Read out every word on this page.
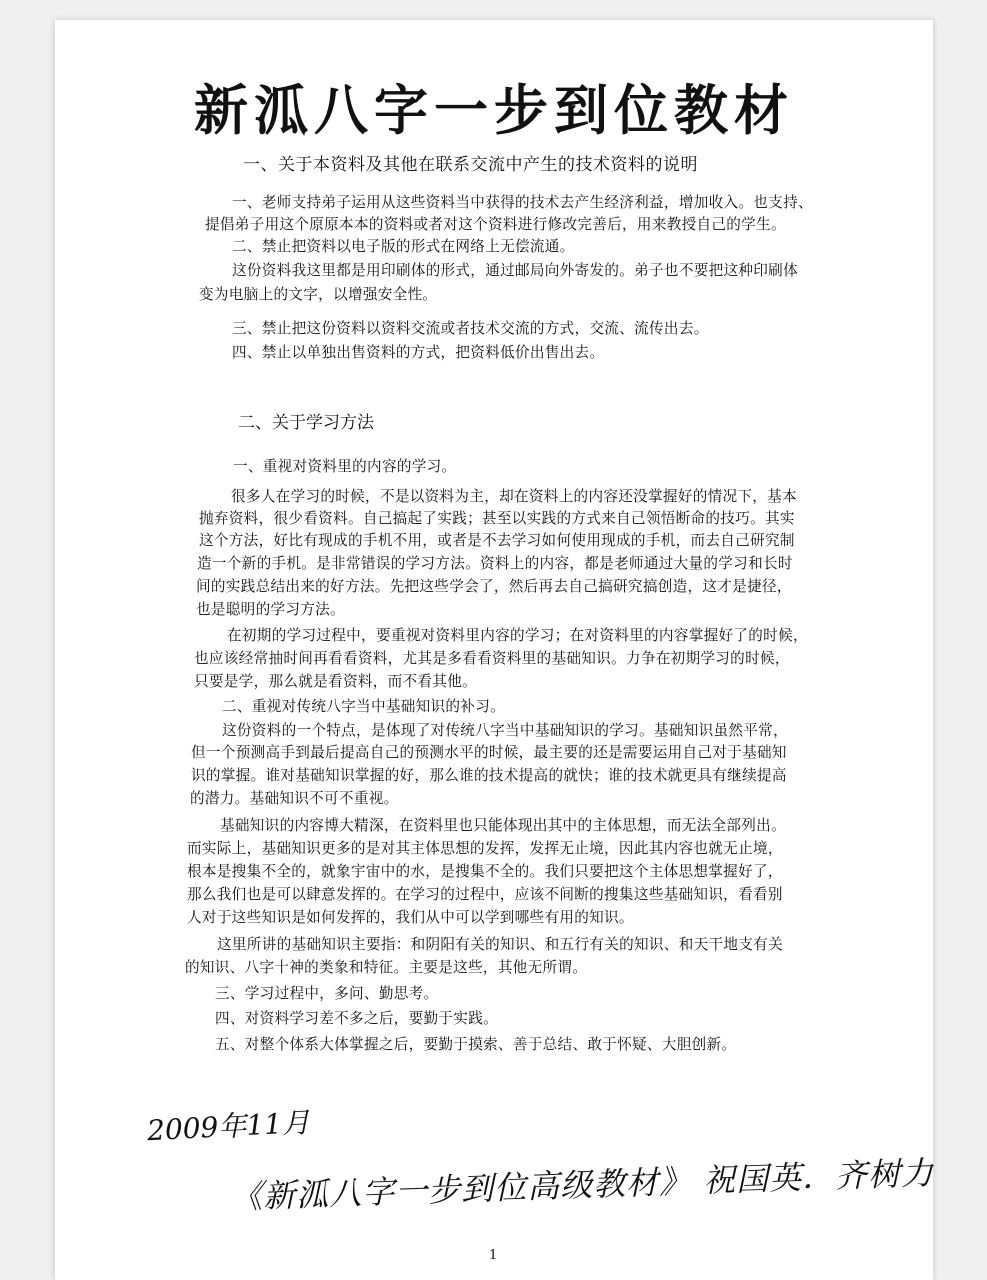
新泒八字一步到位教材
一、关于本资料及其他在联系交流中产生的技术资料的说明
一、老师支持弟子运用从这些资料当中获得的技术去产生经济利益，增加收入。也支持、
提倡弟子用这个原原本本的资料或者对这个资料进行修改完善后，用来教授自己的学生。
二、禁止把资料以电子版的形式在网络上无偿流通。
这份资料我这里都是用印刷体的形式，通过邮局向外寄发的。弟子也不要把这种印刷体
变为电脑上的文字，以增强安全性。
三、禁止把这份资料以资料交流或者技术交流的方式，交流、流传出去。
四、禁止以单独出售资料的方式，把资料低价出售出去。
二、关于学习方法
一、重视对资料里的内容的学习。
很多人在学习的时候，不是以资料为主，却在资料上的内容还没掌握好的情况下，基本
抛弃资料，很少看资料。自己搞起了实践；甚至以实践的方式来自己领悟断命的技巧。其实
这个方法，好比有现成的手机不用，或者是不去学习如何使用现成的手机，而去自己研究制
造一个新的手机。是非常错误的学习方法。资料上的内容，都是老师通过大量的学习和长时
间的实践总结出来的好方法。先把这些学会了，然后再去自己搞研究搞创造，这才是捷径，
也是聪明的学习方法。
在初期的学习过程中，要重视对资料里内容的学习；在对资料里的内容掌握好了的时候，
也应该经常抽时间再看看资料，尤其是多看看资料里的基础知识。力争在初期学习的时候，
只要是学，那么就是看资料，而不看其他。
二、重视对传统八字当中基础知识的补习。
这份资料的一个特点，是体现了对传统八字当中基础知识的学习。基础知识虽然平常，
但一个预测高手到最后提高自己的预测水平的时候，最主要的还是需要运用自己对于基础知
识的掌握。谁对基础知识掌握的好，那么谁的技术提高的就快；谁的技术就更具有继续提高
的潜力。基础知识不可不重视。
基础知识的内容博大精深，在资料里也只能体现出其中的主体思想，而无法全部列出。
而实际上，基础知识更多的是对其主体思想的发挥，发挥无止境，因此其内容也就无止境，
根本是搜集不全的，就象宇宙中的水，是搜集不全的。我们只要把这个主体思想掌握好了，
那么我们也是可以肆意发挥的。在学习的过程中，应该不间断的搜集这些基础知识，看看别
人对于这些知识是如何发挥的，我们从中可以学到哪些有用的知识。
这里所讲的基础知识主要指：和阴阳有关的知识、和五行有关的知识、和天干地支有关
的知识、八字十神的类象和特征。主要是这些，其他无所谓。
三、学习过程中，多问、勤思考。
四、对资料学习差不多之后，要勤于实践。
五、对整个体系大体掌握之后，要勤于摸索、善于总结、敢于怀疑、大胆创新。
2009年11月
《新泒八字一步到位高级教材》 祝国英．齐树力
1
